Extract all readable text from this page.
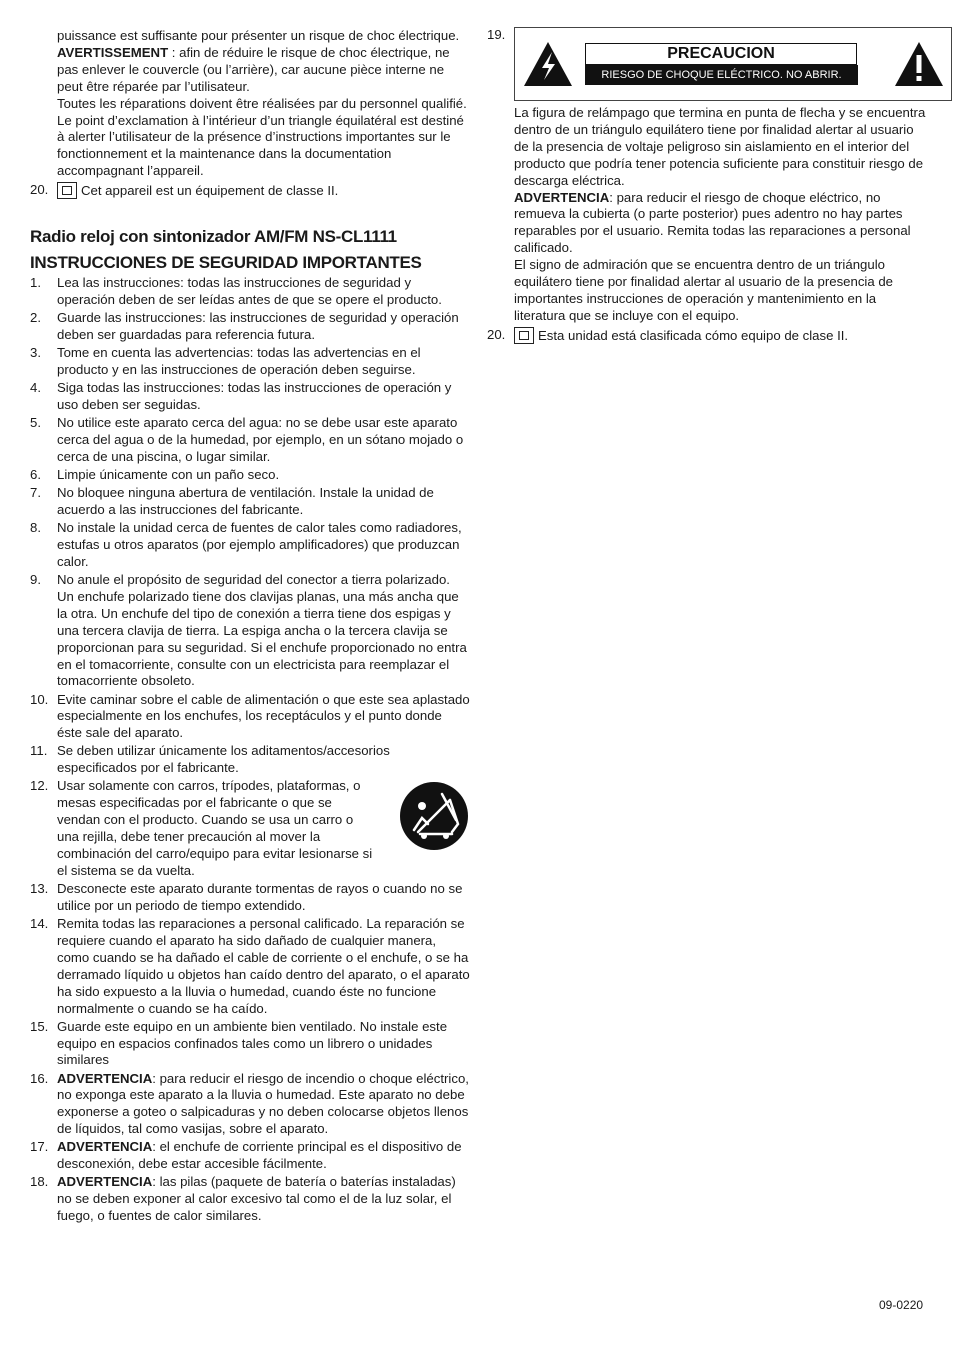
puissance est suffisante pour présenter un risque de choc électrique.
AVERTISSEMENT : afin de réduire le risque de choc électrique, ne pas enlever le couvercle (ou l’arrière), car aucune pièce interne ne peut être réparée par l’utilisateur.
Toutes les réparations doivent être réalisées par du personnel qualifié.
Le point d’exclamation à l’intérieur d’un triangle équilatéral est destiné à alerter l’utilisateur de la présence d’instructions importantes sur le fonctionnement et la maintenance dans la documentation accompagnant l’appareil.
20. Cet appareil est un équipement de classe II.
Radio reloj con sintonizador AM/FM NS-CL1111
INSTRUCCIONES DE SEGURIDAD IMPORTANTES
1. Lea las instrucciones: todas las instrucciones de seguridad y operación deben de ser leídas antes de que se opere el producto.
2. Guarde las instrucciones: las instrucciones de seguridad y operación deben ser guardadas para referencia futura.
3. Tome en cuenta las advertencias: todas las advertencias en el producto y en las instrucciones de operación deben seguirse.
4. Siga todas las instrucciones: todas las instrucciones de operación y uso deben ser seguidas.
5. No utilice este aparato cerca del agua: no se debe usar este aparato cerca del agua o de la humedad, por ejemplo, en un sótano mojado o cerca de una piscina, o lugar similar.
6. Limpie únicamente con un paño seco.
7. No bloquee ninguna abertura de ventilación. Instale la unidad de acuerdo a las instrucciones del fabricante.
8. No instale la unidad cerca de fuentes de calor tales como radiadores, estufas u otros aparatos (por ejemplo amplificadores) que produzcan calor.
9. No anule el propósito de seguridad del conector a tierra polarizado. Un enchufe polarizado tiene dos clavijas planas, una más ancha que la otra. Un enchufe del tipo de conexión a tierra tiene dos espigas y una tercera clavija de tierra. La espiga ancha o la tercera clavija se proporcionan para su seguridad. Si el enchufe proporcionado no entra en el tomacorriente, consulte con un electricista para reemplazar el tomacorriente obsoleto.
10. Evite caminar sobre el cable de alimentación o que este sea aplastado especialmente en los enchufes, los receptáculos y el punto donde éste sale del aparato.
11. Se deben utilizar únicamente los aditamentos/accesorios especificados por el fabricante.
12. Usar solamente con carros, trípodes, plataformas, o mesas especificadas por el fabricante o que se vendan con el producto. Cuando se usa un carro o una rejilla, debe tener precaución al mover la combinación del carro/equipo para evitar lesionarse si el sistema se da vuelta.
13. Desconecte este aparato durante tormentas de rayos o cuando no se utilice por un periodo de tiempo extendido.
14. Remita todas las reparaciones a personal calificado. La reparación se requiere cuando el aparato ha sido dañado de cualquier manera, como cuando se ha dañado el cable de corriente o el enchufe, o se ha derramado líquido u objetos han caído dentro del aparato, o el aparato ha sido expuesto a la lluvia o humedad, cuando éste no funcione normalmente o cuando se ha caído.
15. Guarde este equipo en un ambiente bien ventilado. No instale este equipo en espacios confinados tales como un librero o unidades similares
16. ADVERTENCIA: para reducir el riesgo de incendio o choque eléctrico, no exponga este aparato a la lluvia o humedad. Este aparato no debe exponerse a goteo o salpicaduras y no deben colocarse objetos llenos de líquidos, tal como vasijas, sobre el aparato.
17. ADVERTENCIA: el enchufe de corriente principal es el dispositivo de desconexión, debe estar accesible fácilmente.
18. ADVERTENCIA: las pilas (paquete de batería o baterías instaladas) no se deben exponer al calor excesivo tal como el de la luz solar, el fuego, o fuentes de calor similares.
19.
PRECAUCION
RIESGO DE CHOQUE ELÉCTRICO. NO ABRIR.
La figura de relámpago que termina en punta de flecha y se encuentra dentro de un triángulo equilátero tiene por finalidad alertar al usuario de la presencia de voltaje peligroso sin aislamiento en el interior del producto que podría tener potencia suficiente para constituir riesgo de descarga eléctrica.
ADVERTENCIA: para reducir el riesgo de choque eléctrico, no remueva la cubierta (o parte posterior) pues adentro no hay partes reparables por el usuario. Remita todas las reparaciones a personal calificado.
El signo de admiración que se encuentra dentro de un triángulo equilátero tiene por finalidad alertar al usuario de la presencia de importantes instrucciones de operación y mantenimiento en la literatura que se incluye con el equipo.
20. Esta unidad está clasificada cómo equipo de clase II.
09-0220
